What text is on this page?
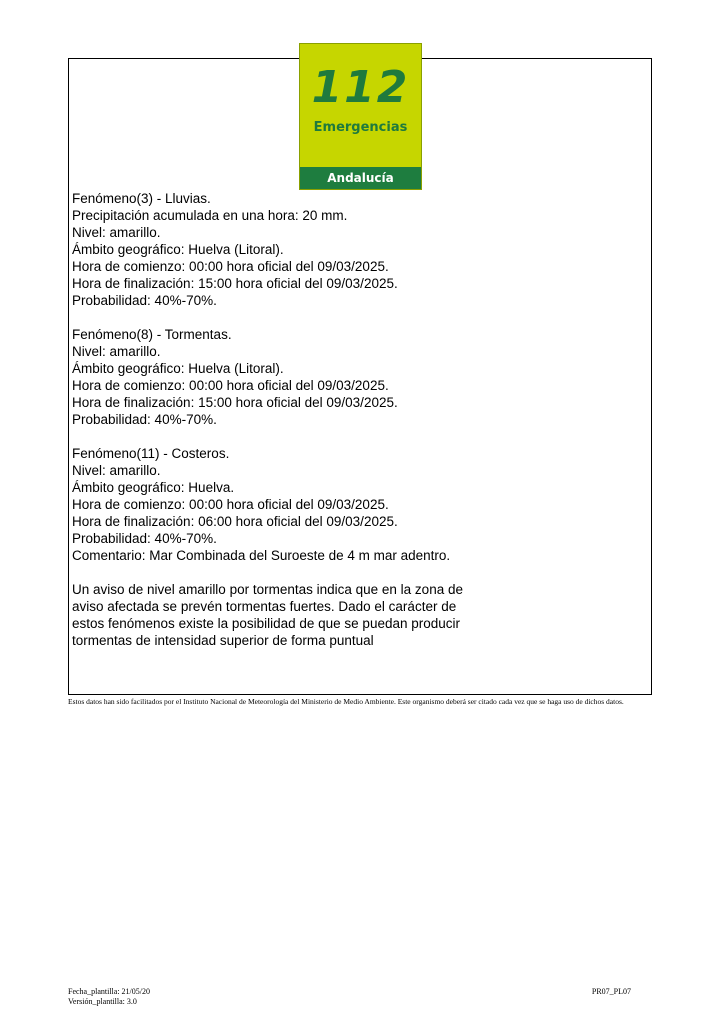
112
Emergencias
Andalucía
Fenómeno(3) - Lluvias.
Precipitación acumulada en una hora: 20 mm.
Nivel: amarillo.
Ámbito geográfico: Huelva (Litoral).
Hora de comienzo: 00:00 hora oficial del 09/03/2025.
Hora de finalización: 15:00 hora oficial del 09/03/2025.
Probabilidad: 40%-70%.
Fenómeno(8) - Tormentas.
Nivel: amarillo.
Ámbito geográfico: Huelva (Litoral).
Hora de comienzo: 00:00 hora oficial del 09/03/2025.
Hora de finalización: 15:00 hora oficial del 09/03/2025.
Probabilidad: 40%-70%.
Fenómeno(11) - Costeros.
Nivel: amarillo.
Ámbito geográfico: Huelva.
Hora de comienzo: 00:00 hora oficial del 09/03/2025.
Hora de finalización: 06:00 hora oficial del 09/03/2025.
Probabilidad: 40%-70%.
Comentario: Mar Combinada del Suroeste de 4 m mar adentro.
Un aviso de nivel amarillo por tormentas indica que en la zona de
aviso afectada se prevén tormentas fuertes. Dado el carácter de
estos fenómenos existe la posibilidad de que se puedan producir
tormentas de intensidad superior de forma puntual
Estos datos han sido facilitados por el Instituto Nacional de Meteorología del Ministerio de Medio Ambiente. Este organismo deberá ser citado cada vez que se haga uso de dichos datos.
Fecha_plantilla: 21/05/20
Versión_plantilla: 3.0
PR07_PL07
